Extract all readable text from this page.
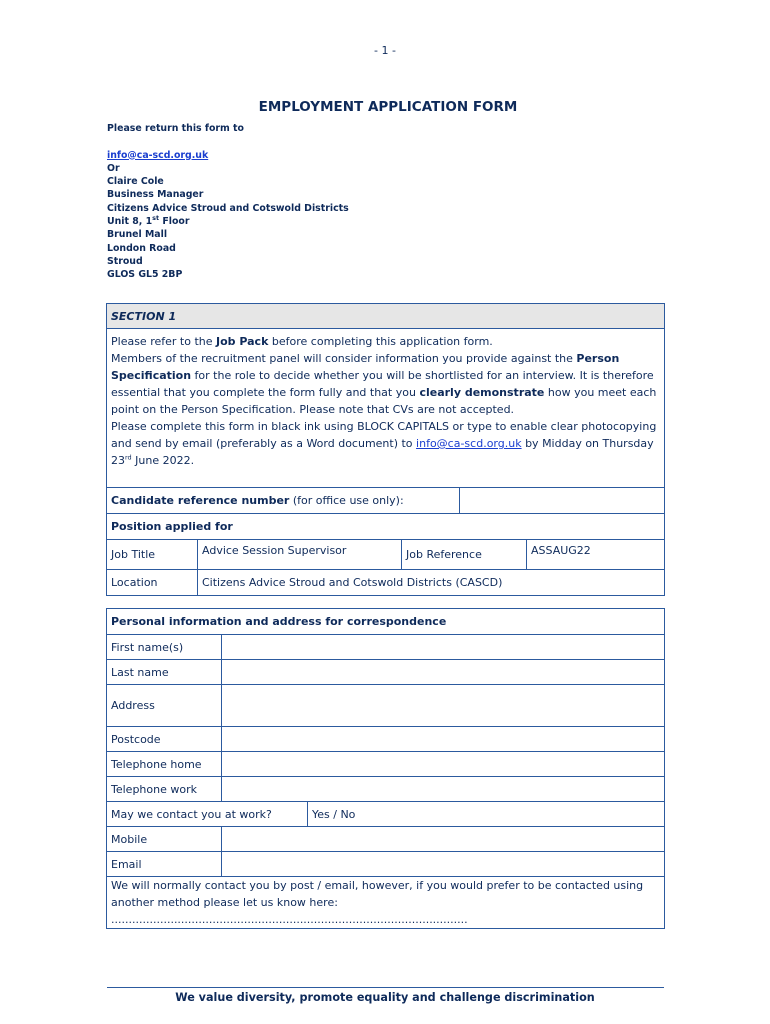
- 1 -
EMPLOYMENT APPLICATION FORM
Please return this form to
info@ca-scd.org.uk
Or
Claire Cole
Business Manager
Citizens Advice Stroud and Cotswold Districts
Unit 8, 1st Floor
Brunel Mall
London Road
Stroud
GLOS GL5 2BP
SECTION 1				

Please refer to the Job Pack before completing this application form.

Members of the recruitment panel will consider information you provide against the Person Specification for the role to decide whether you will be shortlisted for an interview. It is therefore essential that you complete the form fully and that you clearly demonstrate how you meet each point on the Person Specification. Please note that CVs are not accepted.

Please complete this form in black ink using BLOCK CAPITALS or type to enable clear photocopying and send by email (preferably as a Word document) to info@ca-scd.org.uk by Midday on Thursday 23rd June 2022.				

Candidate reference number (for office use only):				
Position applied for				
Job Title	Advice Session Supervisor	Job Reference		ASSAUG22
Location	Citizens Advice Stroud and Cotswold Districts (CASCD)			
Personal information and address for correspondence		
First name(s)		
Last name		
Address		
Postcode		
Telephone home		
Telephone work		
May we contact you at work?		Yes / No
Mobile		
Email		
We will normally contact you by post / email, however, if you would prefer to be contacted using another method please let us know here: ......................................................................................................		
We value diversity, promote equality and challenge discrimination
